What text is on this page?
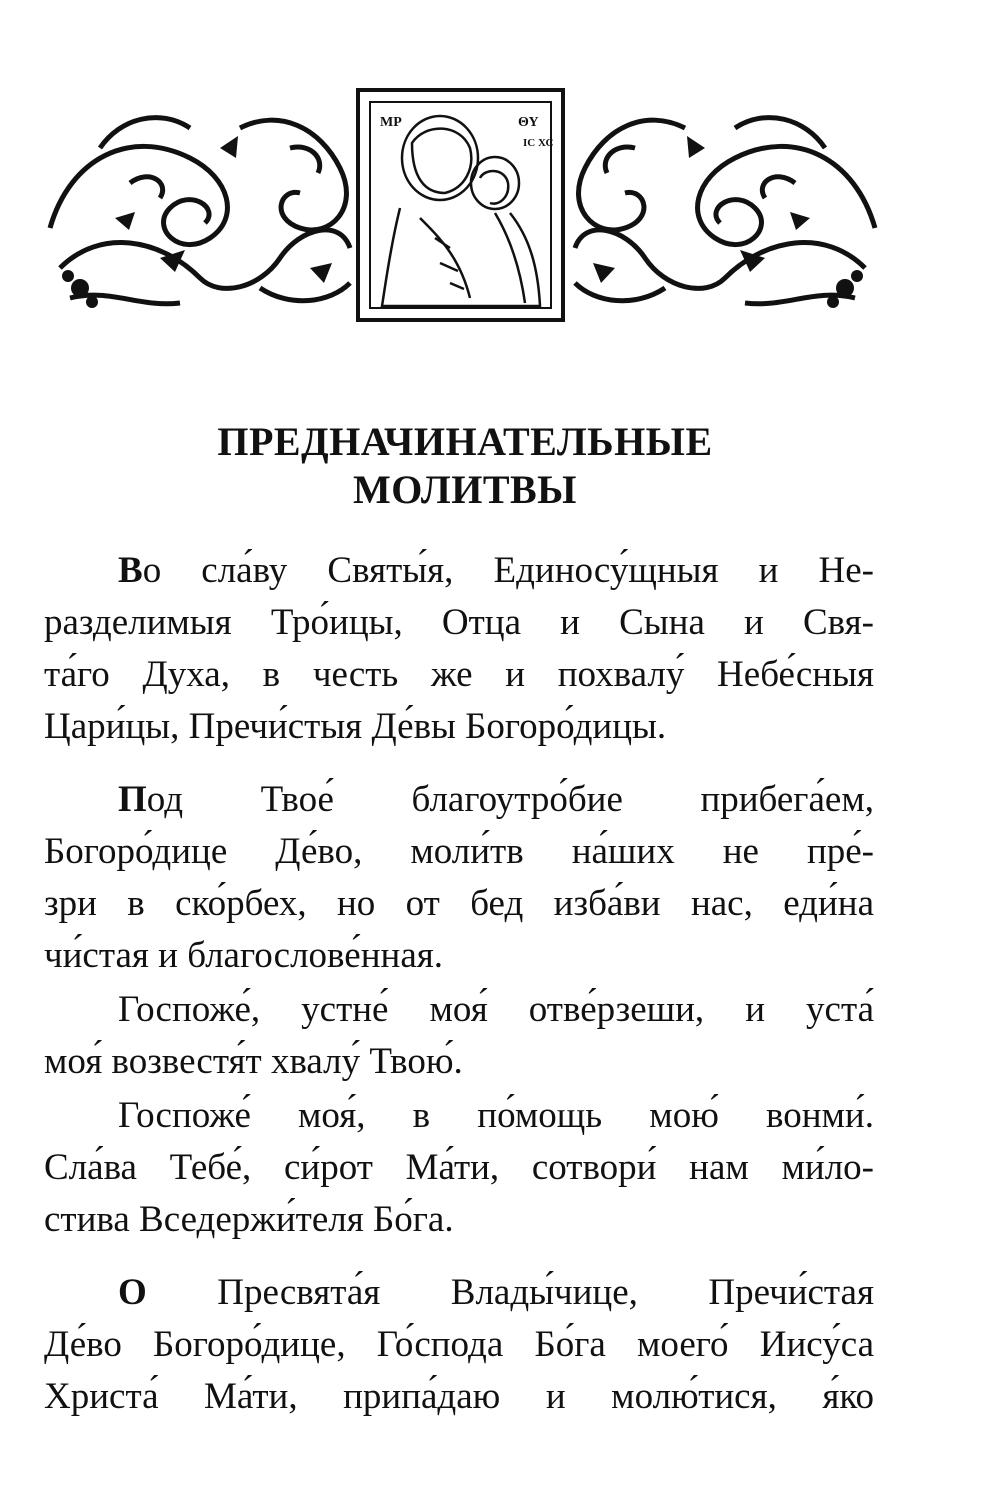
МР	ΘΥ
ІС ХС
ПРЕДНАЧИНАТЕЛЬНЫЕ
МОЛИТВЫ
Во сла́ву Святы́я, Единосу́щныя и Не-
разделимыя Тро́ицы, Отца и Сына и Свя-
та́го Духа, в честь же и похвалу́ Небе́сныя
Цари́цы, Пречи́стыя Де́вы Богоро́дицы.
Под Твое́ благоутро́бие прибега́ем,
Богоро́дице Де́во, моли́тв на́ших не пре́-
зри в ско́рбех, но от бед изба́ви нас, еди́на
чи́стая и благослове́нная.
Госпоже́, устне́ моя́ отве́рзеши, и уста́
моя́ возвестя́т хвалу́ Твою́.
Госпоже́ моя́, в по́мощь мою́ вонми́.
Сла́ва Тебе́, си́рот Ма́ти, сотвори́ нам ми́ло-
стива Вседержи́теля Бо́га.
О Пресвята́я Влады́чице, Пречи́стая
Де́во Богоро́дице, Го́спода Бо́га моего́ Иису́са
Христа́ Ма́ти, припа́даю и молю́тися, я́ко
